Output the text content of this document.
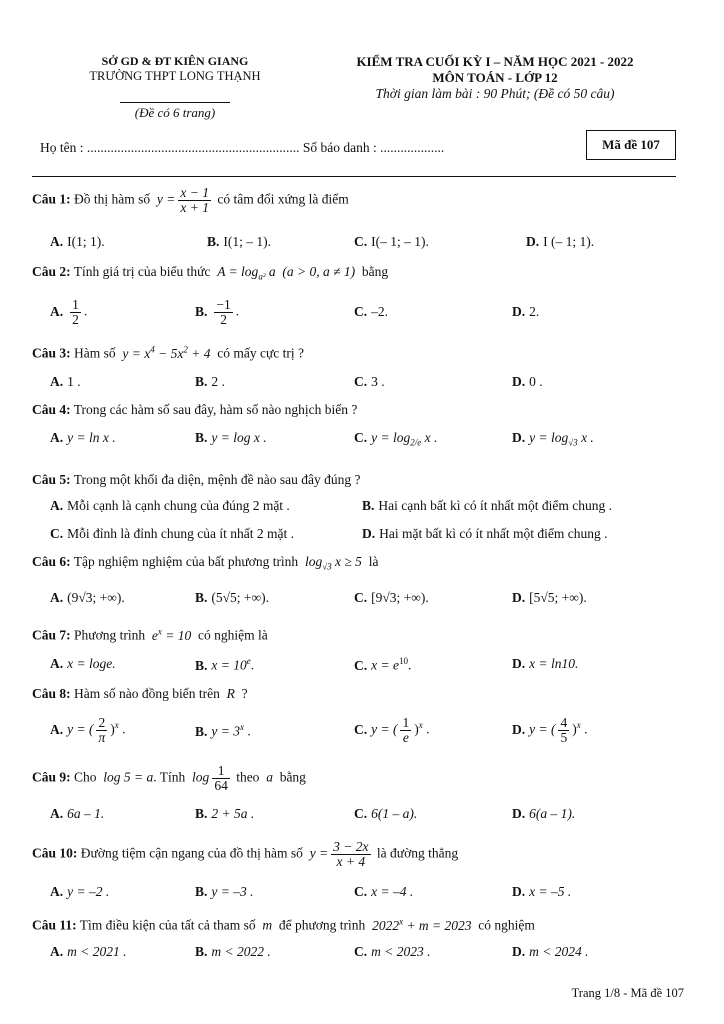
SỞ GD & ĐT KIÊN GIANG
TRƯỜNG THPT LONG THẠNH
(Đề có 6 trang)
KIỂM TRA CUỐI KỲ I – NĂM HỌC 2021 - 2022
MÔN TOÁN - LỚP 12
Thời gian làm bài : 90 Phút; (Đề có 50 câu)
Họ tên : ............................................................... Số báo danh : ...................	Mã đề 107
Câu 1: Đồ thị hàm số  $y = \frac{x - 1}{x + 1}$ có tâm đối xứng là điểm
A. I(1; 1).	B. I(1; – 1).	C. I(– 1; – 1).	D. I (– 1; 1).
Câu 2: Tính giá trị của biểu thức  $A = \log_{a^2} a$  (a > 0, a ≠ 1)  bằng
A. $\frac{1}{2}$ .	B. $\frac{-1}{2}$ .	C. –2.	D. 2.
Câu 3: Hàm số  $y = x^4 - 5x^2 + 4$  có mấy cực trị ?
A. 1 .	B. 2 .	C. 3 .	D. 0 .
Câu 4: Trong các hàm số sau đây, hàm số nào nghịch biến ?
A. y = ln x .	B. y = log x .	C. $y = \log_{2/e} x$ .	D. $y = \log_{√3} x$ .
Câu 5: Trong một khối đa diện, mệnh đề nào sau đây đúng ?
A. Mỗi cạnh là cạnh chung của đúng 2 mặt .	B. Hai cạnh bất kì có ít nhất một điểm chung .
C. Mỗi đỉnh là đỉnh chung của ít nhất 2 mặt .	D. Hai mặt bất kì có ít nhất một điểm chung .
Câu 6: Tập nghiệm nghiệm của bất phương trình  $\log_{√3} x \ge 5$  là
A. (9√3; +∞).	B. (5√5; +∞).	C. [9√3; +∞).	D. [5√5; +∞).
Câu 7: Phương trình  $e^x = 10$  có nghiệm là
A. x = loge.	B. $x = 10^e$.	C. $x = e^{10}$.	D. x = ln10.
Câu 8: Hàm số nào đồng biến trên  R  ?
A. y = ( $\frac{2}{\pi} )^x$ .	B. $y = 3^x$ .	C. y = ( $\frac{1}{e} )^x$ .	D. y = ( $\frac{4}{5} )^x$ .
Câu 9: Cho  log 5 = a. Tính  $\log \frac{1}{64}$ theo  a  bằng
A. 6a – 1.	B. 2 + 5a .	C. 6(1 – a).	D. 6(a – 1).
Câu 10: Đường tiệm cận ngang của đồ thị hàm số  $y = \frac{3 - 2x}{x + 4}$ là đường thẳng
A. y = –2 .	B. y = –3 .	C. x = –4 .	D. x = –5 .
Câu 11: Tìm điều kiện của tất cả tham số  m  để phương trình  $2022^x + m = 2023$  có nghiệm
A. m < 2021 .	B. m < 2022 .	C. m < 2023 .	D. m < 2024 .
Trang 1/8 - Mã đề 107
